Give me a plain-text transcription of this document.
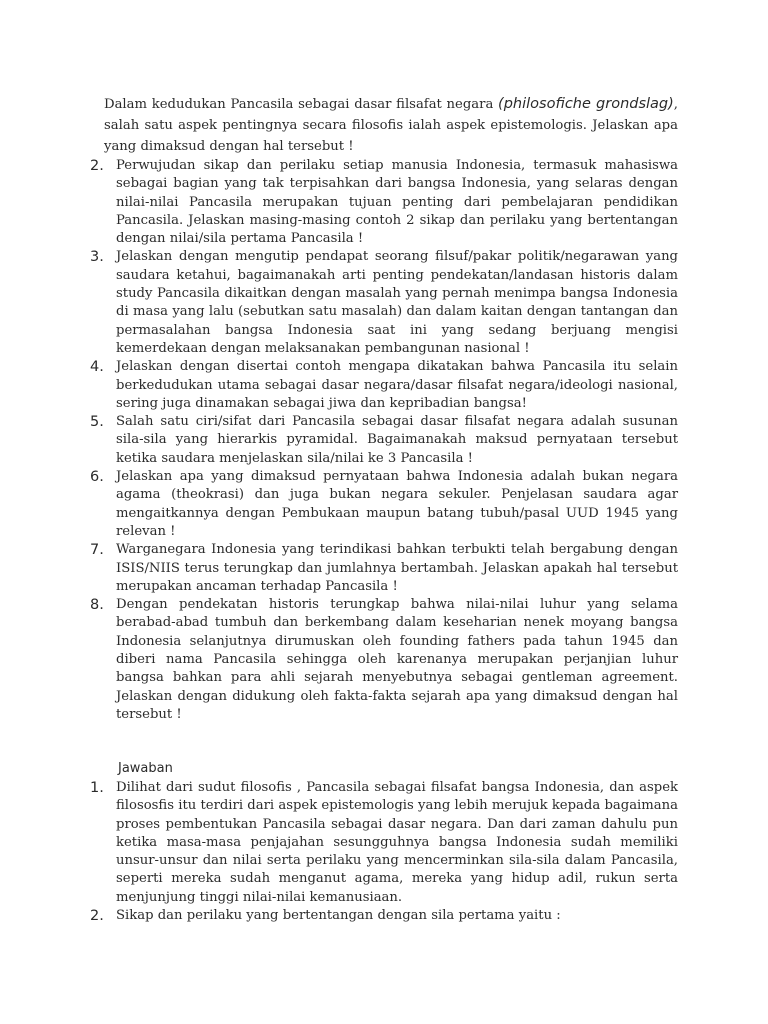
Dalam kedudukan Pancasila sebagai dasar filsafat negara (philosofiche grondslag), salah satu aspek pentingnya secara filosofis ialah aspek epistemologis. Jelaskan apa yang dimaksud dengan hal tersebut !
2. Perwujudan sikap dan perilaku setiap manusia Indonesia, termasuk mahasiswa sebagai bagian yang tak terpisahkan dari bangsa Indonesia, yang selaras dengan nilai-nilai Pancasila merupakan tujuan penting dari pembelajaran pendidikan Pancasila. Jelaskan masing-masing contoh 2 sikap dan perilaku yang bertentangan dengan nilai/sila pertama Pancasila !
3. Jelaskan dengan mengutip pendapat seorang filsuf/pakar politik/negarawan yang saudara ketahui, bagaimanakah arti penting pendekatan/landasan historis dalam study Pancasila dikaitkan dengan masalah yang pernah menimpa bangsa Indonesia di masa yang lalu (sebutkan satu masalah) dan dalam kaitan dengan tantangan dan permasalahan bangsa Indonesia saat ini yang sedang berjuang mengisi kemerdekaan dengan melaksanakan pembangunan nasional !
4. Jelaskan dengan disertai contoh mengapa dikatakan bahwa Pancasila itu selain berkedudukan utama sebagai dasar negara/dasar filsafat negara/ideologi nasional, sering juga dinamakan sebagai jiwa dan kepribadian bangsa!
5. Salah satu ciri/sifat dari Pancasila sebagai dasar filsafat negara adalah susunan sila-sila yang hierarkis pyramidal. Bagaimanakah maksud pernyataan tersebut ketika saudara menjelaskan sila/nilai ke 3 Pancasila !
6. Jelaskan apa yang dimaksud pernyataan bahwa Indonesia adalah bukan negara agama (theokrasi) dan juga bukan negara sekuler. Penjelasan saudara agar mengaitkannya dengan Pembukaan maupun batang tubuh/pasal UUD 1945 yang relevan !
7. Warganegara Indonesia yang terindikasi bahkan terbukti telah bergabung dengan ISIS/NIIS terus terungkap dan jumlahnya bertambah. Jelaskan apakah hal tersebut merupakan ancaman terhadap Pancasila !
8. Dengan pendekatan historis terungkap bahwa nilai-nilai luhur yang selama berabad-abad tumbuh dan berkembang dalam keseharian nenek moyang bangsa Indonesia selanjutnya dirumuskan oleh founding fathers pada tahun 1945 dan diberi nama Pancasila sehingga oleh karenanya merupakan perjanjian luhur bangsa bahkan para ahli sejarah menyebutnya sebagai gentleman agreement. Jelaskan dengan didukung oleh fakta-fakta sejarah apa yang dimaksud dengan hal tersebut !
Jawaban
1. Dilihat dari sudut filosofis , Pancasila sebagai filsafat bangsa Indonesia, dan aspek filososfis itu terdiri dari aspek epistemologis yang lebih merujuk kepada bagaimana proses pembentukan Pancasila sebagai dasar negara. Dan dari zaman dahulu pun ketika masa-masa penjajahan sesungguhnya bangsa Indonesia sudah memiliki unsur-unsur dan nilai serta perilaku yang mencerminkan sila-sila dalam Pancasila, seperti mereka sudah menganut agama, mereka yang hidup adil, rukun serta menjunjung tinggi nilai-nilai kemanusiaan.
2. Sikap dan perilaku yang bertentangan dengan sila pertama yaitu :
